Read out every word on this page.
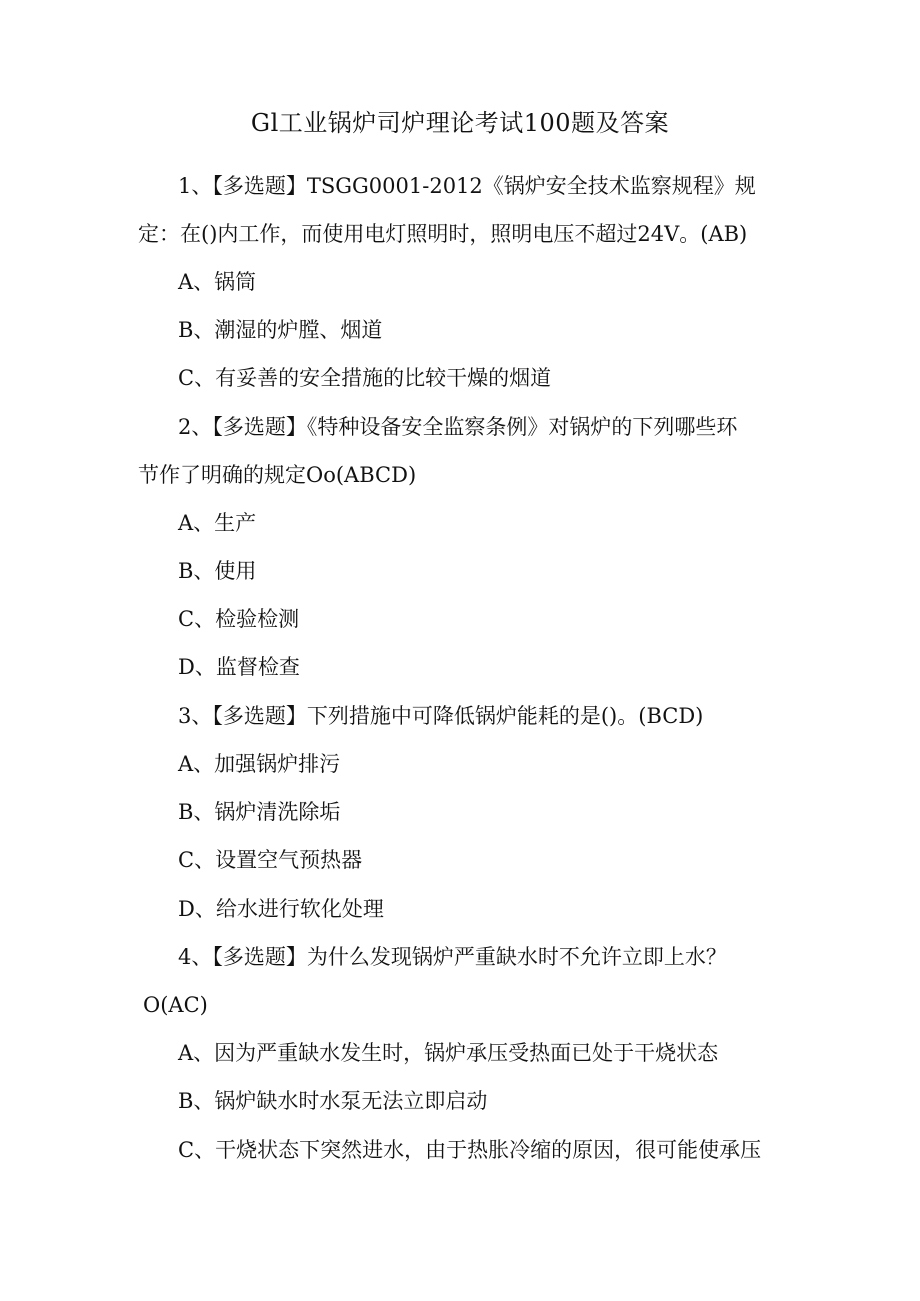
Gl工业锅炉司炉理论考试100题及答案
1、【多选题】TSGG0001-2012《锅炉安全技术监察规程》规
定：在()内工作，而使用电灯照明时，照明电压不超过24V。(AB)
A、锅筒
B、潮湿的炉膛、烟道
C、有妥善的安全措施的比较干燥的烟道
2、【多选题】《特种设备安全监察条例》对锅炉的下列哪些环
节作了明确的规定Oo(ABCD)
A、生产
B、使用
C、检验检测
D、监督检查
3、【多选题】下列措施中可降低锅炉能耗的是()。(BCD)
A、加强锅炉排污
B、锅炉清洗除垢
C、设置空气预热器
D、给水进行软化处理
4、【多选题】为什么发现锅炉严重缺水时不允许立即上水？
O(AC)
A、因为严重缺水发生时，锅炉承压受热面已处于干烧状态
B、锅炉缺水时水泵无法立即启动
C、干烧状态下突然进水，由于热胀冷缩的原因，很可能使承压
